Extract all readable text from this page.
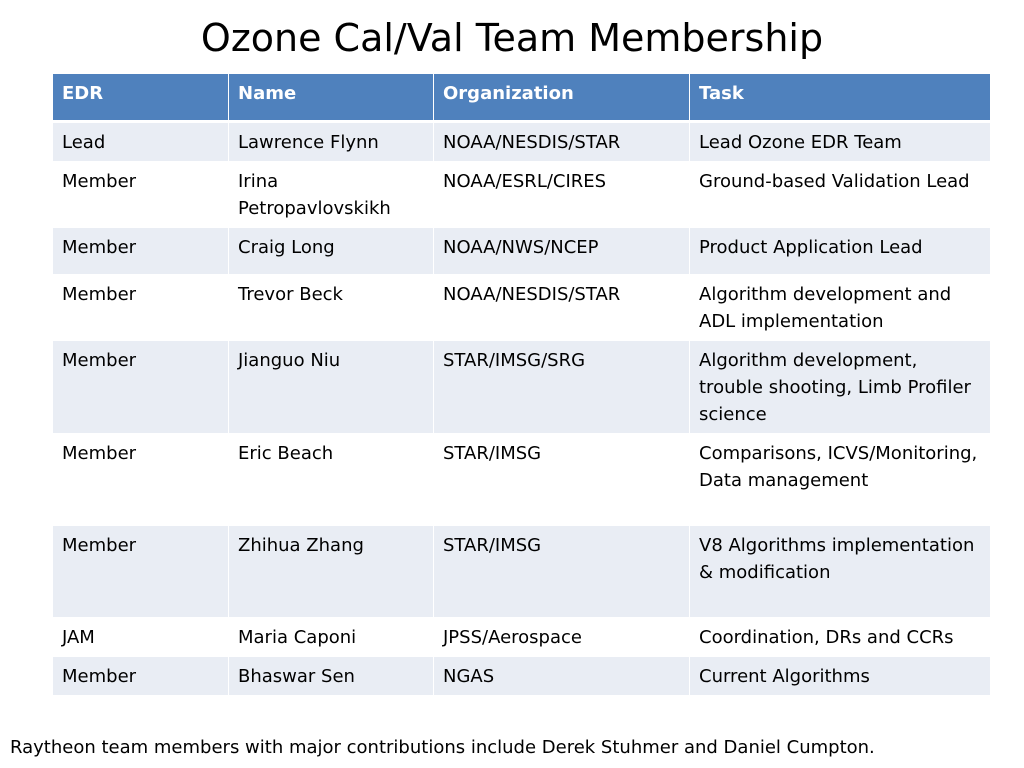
Ozone Cal/Val Team Membership
EDR	Name	Organization	Task
Lead	Lawrence Flynn	NOAA/NESDIS/STAR	Lead Ozone EDR Team
Member	Irina Petropavlovskikh	NOAA/ESRL/CIRES	Ground-based Validation Lead
Member	Craig Long	NOAA/NWS/NCEP	Product Application Lead
Member	Trevor Beck	NOAA/NESDIS/STAR	Algorithm development and ADL implementation
Member	Jianguo Niu	STAR/IMSG/SRG	Algorithm development, trouble shooting, Limb Profiler science
Member	Eric Beach	STAR/IMSG	Comparisons, ICVS/Monitoring, Data management
Member	Zhihua Zhang	STAR/IMSG	V8 Algorithms implementation & modification
JAM	Maria Caponi	JPSS/Aerospace	Coordination, DRs and CCRs
Member	Bhaswar Sen	NGAS	Current Algorithms
Raytheon team members with major contributions include Derek Stuhmer and Daniel Cumpton.
